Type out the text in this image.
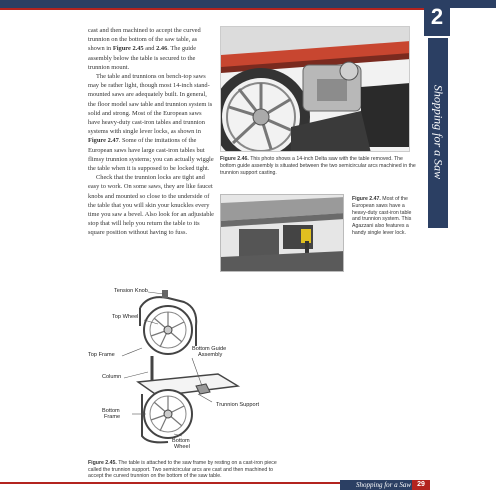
2
Shopping for a Saw

cast and then machined to accept the curved trunnion on the bottom of the saw table, as shown in Figure 2.45 and 2.46. The guide assembly below the table is secured to the trunnion mount.

The table and trunnions on bench-top saws may be rather light, though most 14-inch stand-mounted saws are adequately built. In general, the floor model saw table and trunnion system is solid and strong. Most of the European saws have heavy-duty cast-iron tables and trunnion systems with single lever locks, as shown in Figure 2.47. Some of the imitations of the European saws have large cast-iron tables but flimsy trunnion systems; you can actually wiggle the table when it is supposed to be locked tight.

Check that the trunnion locks are tight and easy to work. On some saws, they are like faucet knobs and mounted so close to the underside of the table that you will skin your knuckles every time you saw a bevel. Also look for an adjustable stop that will help you return the table to its square position without having to fuss.

Figure 2.46. This photo shows a 14-inch Delta saw with the table removed. The bottom guide assembly is situated between the two semicircular arcs machined in the trunnion support casting.
Figure 2.47. Most of the European saws have a heavy-duty cast-iron table and trunnion system. This Agazzani also features a handy single lever lock.
Tension Knob
Top Wheel
Top Frame
Column
Bottom Guide
Assembly
Trunnion Support
Bottom
Frame
Bottom
Wheel
Figure 2.45. The table is attached to the saw frame by resting on a cast-iron piece called the trunnion support. Two semicircular arcs are cast and then machined to accept the curved trunnion on the bottom of the saw table.
Shopping for a Saw 29
